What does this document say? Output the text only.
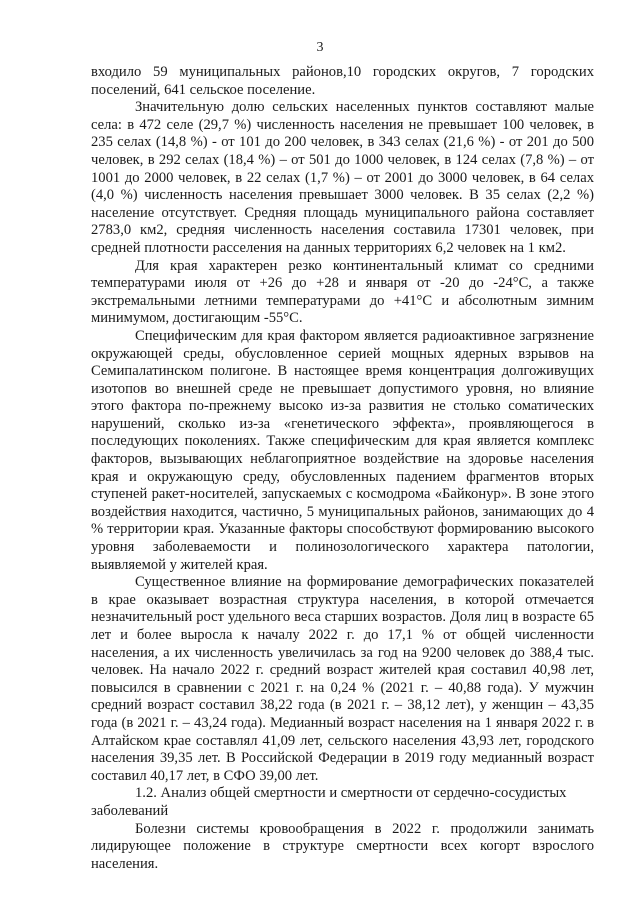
3

входило 59 муниципальных районов,10 городских округов, 7 городских поселений, 641 сельское поселение.

Значительную долю сельских населенных пунктов составляют малые села: в 472 селе (29,7 %) численность населения не превышает 100 человек, в 235 селах (14,8 %) - от 101 до 200 человек, в 343 селах (21,6 %) - от 201 до 500 человек, в 292 селах (18,4 %) – от 501 до 1000 человек, в 124 селах (7,8 %) – от 1001 до 2000 человек, в 22 селах (1,7 %) – от 2001 до 3000 человек, в 64 селах (4,0 %) численность населения превышает 3000 человек. В 35 селах (2,2 %) население отсутствует. Средняя площадь муниципального района составляет 2783,0 км2, средняя численность населения составила 17301 человек, при средней плотности расселения на данных территориях 6,2 человек на 1 км2.

Для края характерен резко континентальный климат со средними температурами июля от +26 до +28 и января от -20 до -24°С, а также экстремальными летними температурами до +41°С и абсолютным зимним минимумом, достигающим -55°С.

Специфическим для края фактором является радиоактивное загрязнение окружающей среды, обусловленное серией мощных ядерных взрывов на Семипалатинском полигоне. В настоящее время концентрация долгоживущих изотопов во внешней среде не превышает допустимого уровня, но влияние этого фактора по-прежнему высоко из-за развития не столько соматических нарушений, сколько из-за «генетического эффекта», проявляющегося в последующих поколениях. Также специфическим для края является комплекс факторов, вызывающих неблагоприятное воздействие на здоровье населения края и окружающую среду, обусловленных падением фрагментов вторых ступеней ракет-носителей, запускаемых с космодрома «Байконур». В зоне этого воздействия находится, частично, 5 муниципальных районов, занимающих до 4 % территории края. Указанные факторы способствуют формированию высокого уровня заболеваемости и полинозологического характера патологии, выявляемой у жителей края.

Существенное влияние на формирование демографических показателей в крае оказывает возрастная структура населения, в которой отмечается незначительный рост удельного веса старших возрастов. Доля лиц в возрасте 65 лет и более выросла к началу 2022 г. до 17,1 % от общей численности населения, а их численность увеличилась за год на 9200 человек до 388,4 тыс. человек. На начало 2022 г. средний возраст жителей края составил 40,98 лет, повысился в сравнении с 2021 г. на 0,24 % (2021 г. – 40,88 года). У мужчин средний возраст составил 38,22 года (в 2021 г. – 38,12 лет), у женщин – 43,35 года (в 2021 г. – 43,24 года). Медианный возраст населения на 1 января 2022 г. в Алтайском крае составлял 41,09 лет, сельского населения 43,93 лет, городского населения 39,35 лет. В Российской Федерации в 2019 году медианный возраст составил 40,17 лет, в СФО 39,00 лет.

1.2. Анализ общей смертности и смертности от сердечно-сосудистых
заболеваний

Болезни системы кровообращения в 2022 г. продолжили занимать лидирующее положение в структуре смертности всех когорт взрослого населения.
